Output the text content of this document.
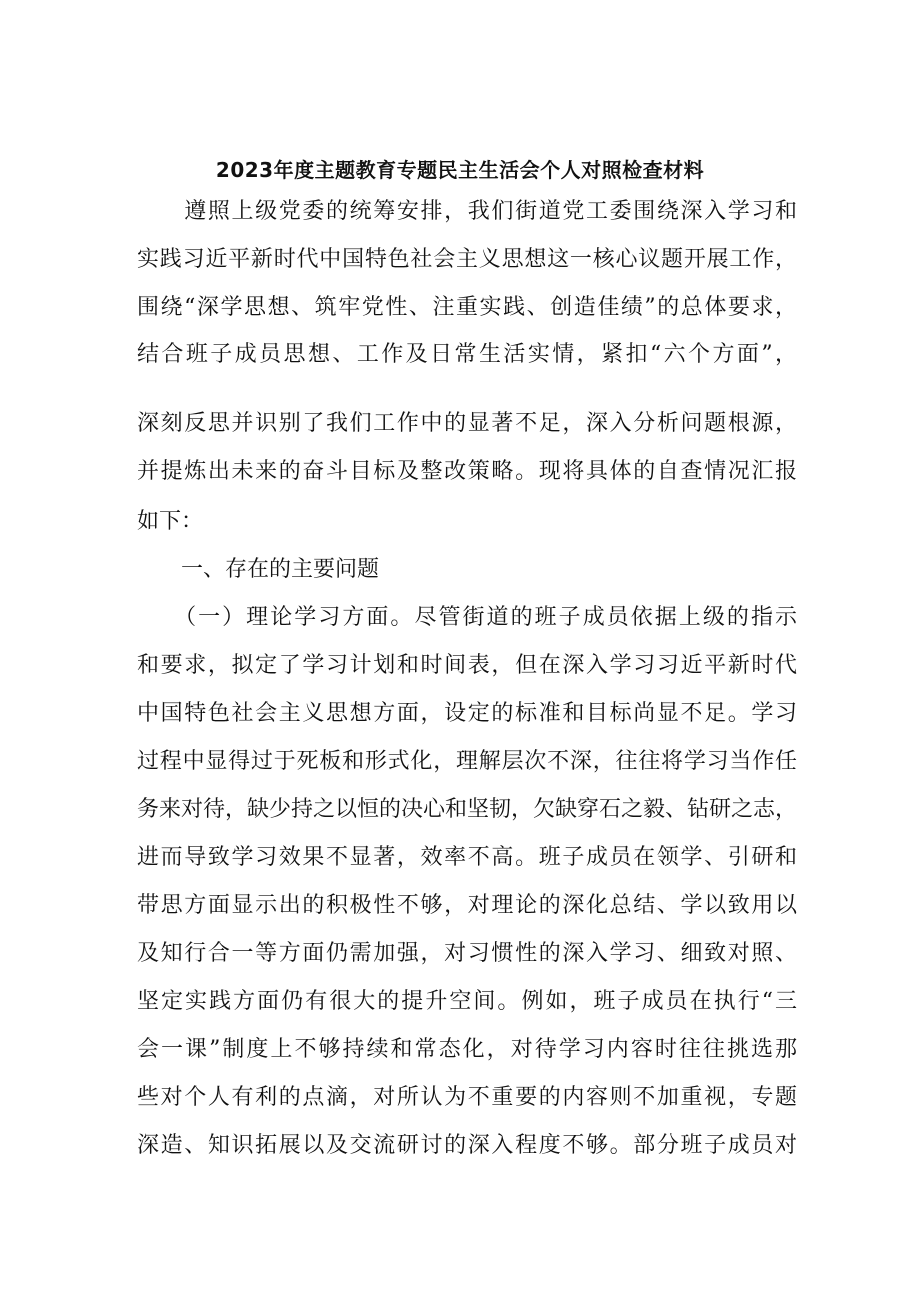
2023年度主题教育专题民主生活会个人对照检查材料

　　遵照上级党委的统筹安排，我们街道党工委围绕深入学习和

实践习近平新时代中国特色社会主义思想这一核心议题开展工作，

围绕“深学思想、筑牢党性、注重实践、创造佳绩”的总体要求，

结合班子成员思想、工作及日常生活实情，紧扣“六个方面”，

深刻反思并识别了我们工作中的显著不足，深入分析问题根源，

并提炼出未来的奋斗目标及整改策略。现将具体的自查情况汇报

如下：

　　一、存在的主要问题

　　（一）理论学习方面。尽管街道的班子成员依据上级的指示

和要求，拟定了学习计划和时间表，但在深入学习习近平新时代

中国特色社会主义思想方面，设定的标准和目标尚显不足。学习

过程中显得过于死板和形式化，理解层次不深，往往将学习当作任

务来对待，缺少持之以恒的决心和坚韧，欠缺穿石之毅、钻研之志，

进而导致学习效果不显著，效率不高。班子成员在领学、引研和

带思方面显示出的积极性不够，对理论的深化总结、学以致用以

及知行合一等方面仍需加强，对习惯性的深入学习、细致对照、

坚定实践方面仍有很大的提升空间。例如，班子成员在执行“三

会一课”制度上不够持续和常态化，对待学习内容时往往挑选那

些对个人有利的点滴，对所认为不重要的内容则不加重视，专题

深造、知识拓展以及交流研讨的深入程度不够。部分班子成员对
